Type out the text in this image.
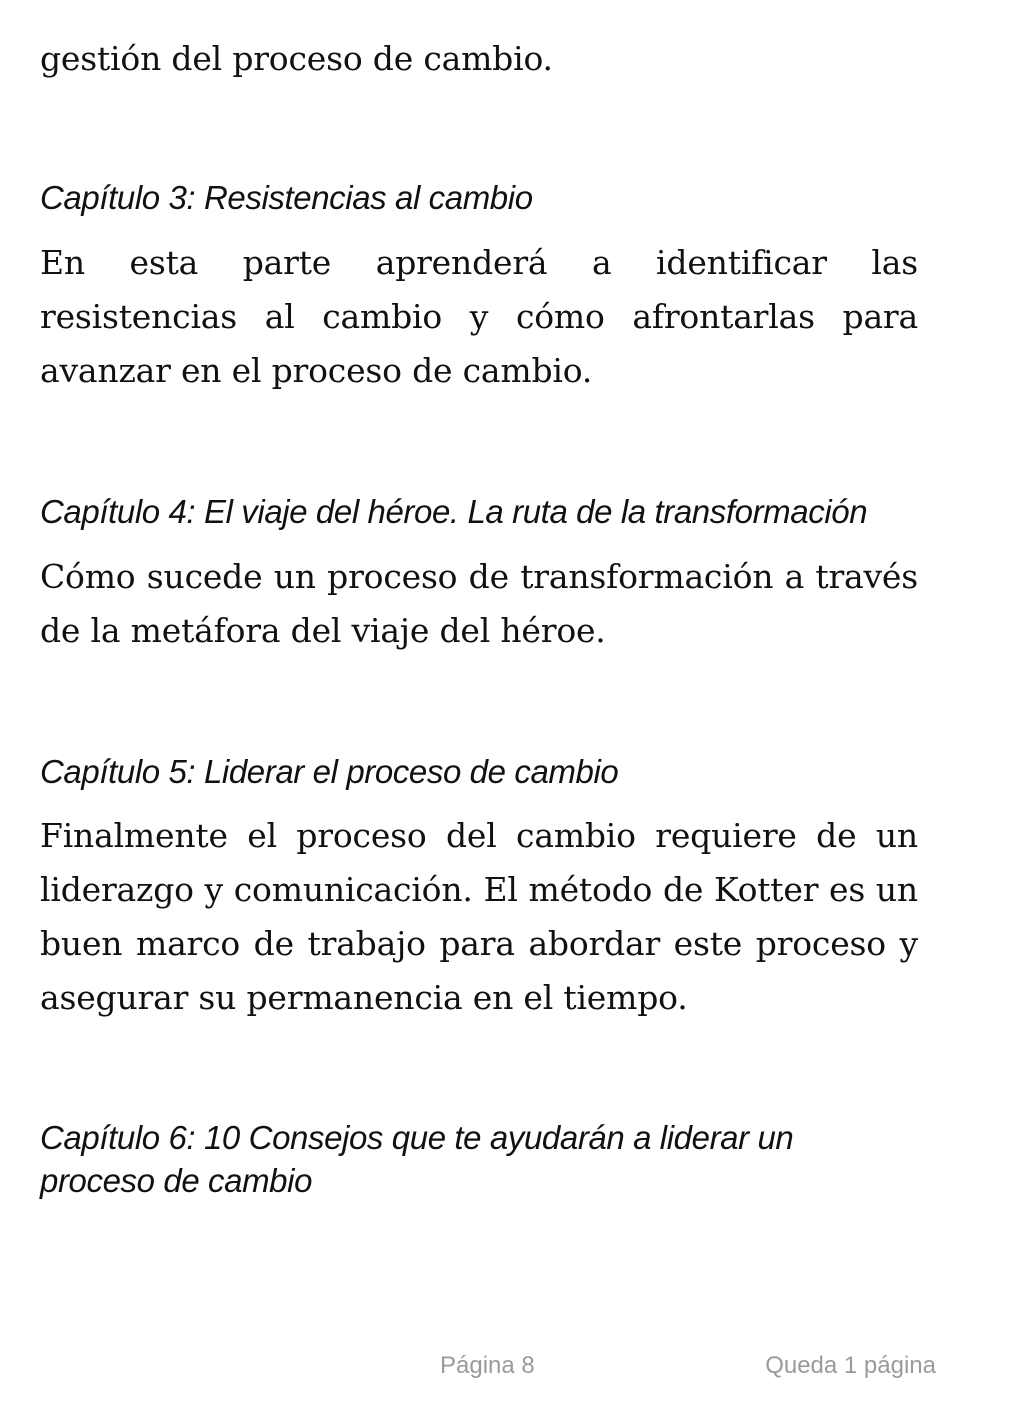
gestión del proceso de cambio.

Capítulo 3: Resistencias al cambio

En esta parte aprenderá a identificar las resistencias al cambio y cómo afrontarlas para avanzar en el proceso de cambio.

Capítulo 4: El viaje del héroe. La ruta de la transformación

Cómo sucede un proceso de transformación a través de la metáfora del viaje del héroe.

Capítulo 5: Liderar el proceso de cambio

Finalmente el proceso del cambio requiere de un liderazgo y comunicación. El método de Kotter es un buen marco de trabajo para abordar este proceso y asegurar su permanencia en el tiempo.

Capítulo 6: 10 Consejos que te ayudarán a liderar un proceso de cambio

Página 8	Queda 1 página
